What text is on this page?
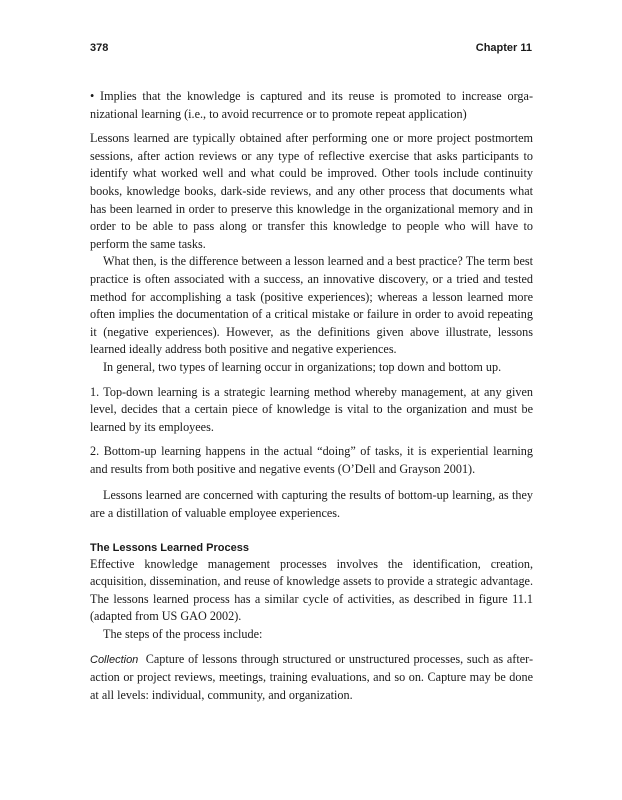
378	Chapter 11

• Implies that the knowledge is captured and its reuse is promoted to increase organizational learning (i.e., to avoid recurrence or to promote repeat application)

Lessons learned are typically obtained after performing one or more project postmortem sessions, after action reviews or any type of reflective exercise that asks participants to identify what worked well and what could be improved. Other tools include continuity books, knowledge books, dark-side reviews, and any other process that documents what has been learned in order to preserve this knowledge in the organizational memory and in order to be able to pass along or transfer this knowledge to people who will have to perform the same tasks.

What then, is the difference between a lesson learned and a best practice? The term best practice is often associated with a success, an innovative discovery, or a tried and tested method for accomplishing a task (positive experiences); whereas a lesson learned more often implies the documentation of a critical mistake or failure in order to avoid repeating it (negative experiences). However, as the definitions given above illustrate, lessons learned ideally address both positive and negative experiences.

In general, two types of learning occur in organizations; top down and bottom up.

1. Top-down learning is a strategic learning method whereby management, at any given level, decides that a certain piece of knowledge is vital to the organization and must be learned by its employees.

2. Bottom-up learning happens in the actual “doing” of tasks, it is experiential learning and results from both positive and negative events (O’Dell and Grayson 2001).

Lessons learned are concerned with capturing the results of bottom-up learning, as they are a distillation of valuable employee experiences.

The Lessons Learned Process

Effective knowledge management processes involves the identification, creation, acquisition, dissemination, and reuse of knowledge assets to provide a strategic advantage. The lessons learned process has a similar cycle of activities, as described in figure 11.1 (adapted from US GAO 2002).

The steps of the process include:

Collection Capture of lessons through structured or unstructured processes, such as after-action or project reviews, meetings, training evaluations, and so on. Capture may be done at all levels: individual, community, and organization.
